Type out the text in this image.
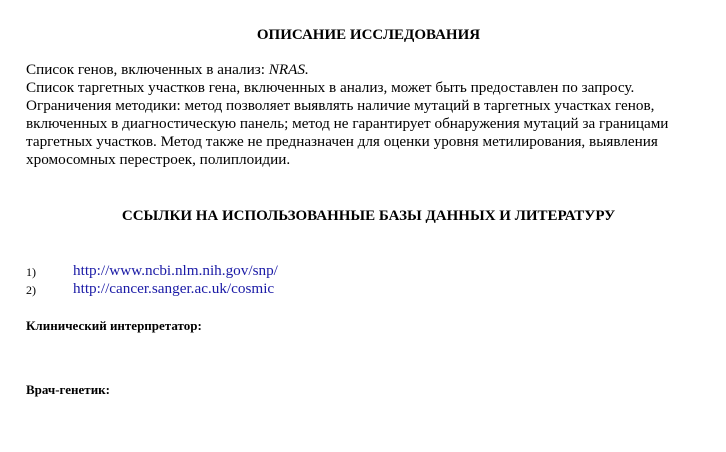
ОПИСАНИЕ ИССЛЕДОВАНИЯ
Список генов, включенных в анализ: NRAS.
Список таргетных участков гена, включенных в анализ, может быть предоставлен по запросу.
Ограничения методики: метод позволяет выявлять наличие мутаций в таргетных участках генов,
включенных в диагностическую панель; метод не гарантирует обнаружения мутаций за границами
таргетных участков. Метод также не предназначен для оценки уровня метилирования, выявления
хромосомных перестроек, полиплоидии.
ССЫЛКИ НА ИСПОЛЬЗОВАННЫЕ БАЗЫ ДАННЫХ И ЛИТЕРАТУРУ
1) http://www.ncbi.nlm.nih.gov/snp/
2) http://cancer.sanger.ac.uk/cosmic
Клинический интерпретатор:
Врач-генетик:
